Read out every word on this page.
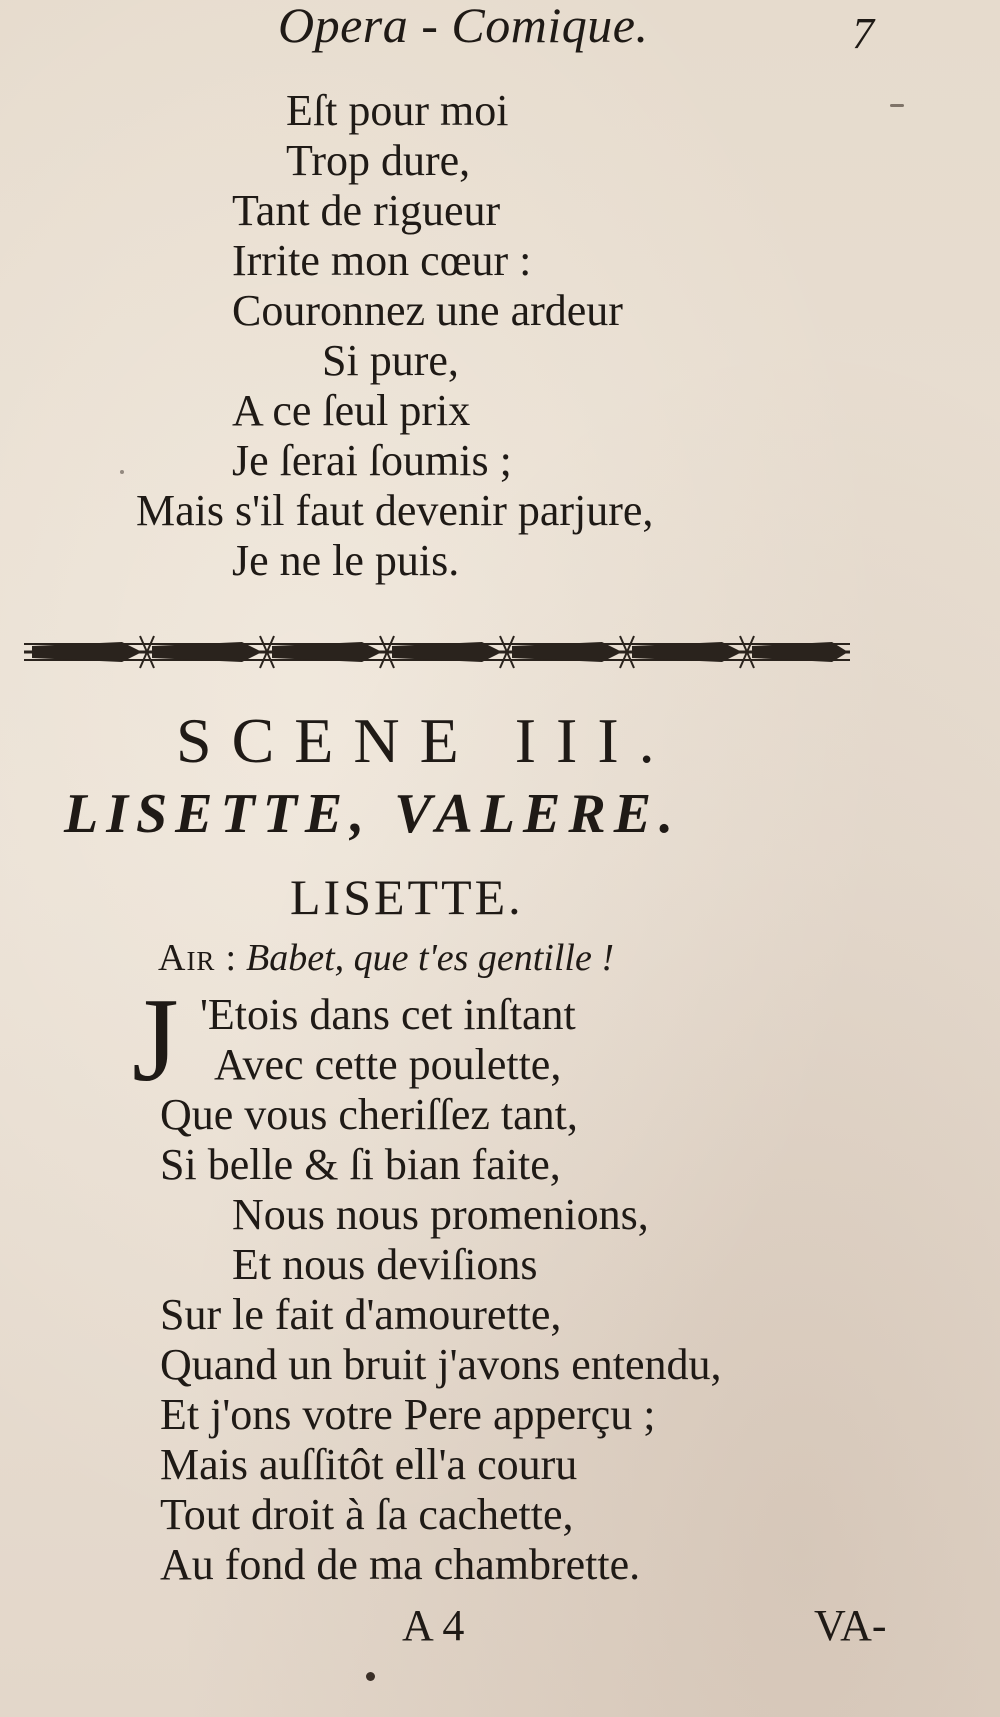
Opera - Comique.	7
Eſt pour moi
Trop dure,
Tant de rigueur
Irrite mon cœur :
Couronnez une ardeur
Si pure,
A ce ſeul prix
Je ſerai ſoumis ;
Mais s'il faut devenir parjure,
Je ne le puis.
SCENE III.
LISETTE, VALERE.
LISETTE.
Air : Babet, que t'es gentille !
J 'Etois dans cet inſtant
Avec cette poulette,
Que vous cheriſſez tant,
Si belle & ſi bian faite,
Nous nous promenions,
Et nous deviſions
Sur le fait d'amourette,
Quand un bruit j'avons entendu,
Et j'ons votre Pere apperçu ;
Mais auſſitôt ell'a couru
Tout droit à ſa cachette,
Au fond de ma chambrette.
A 4	VA-
